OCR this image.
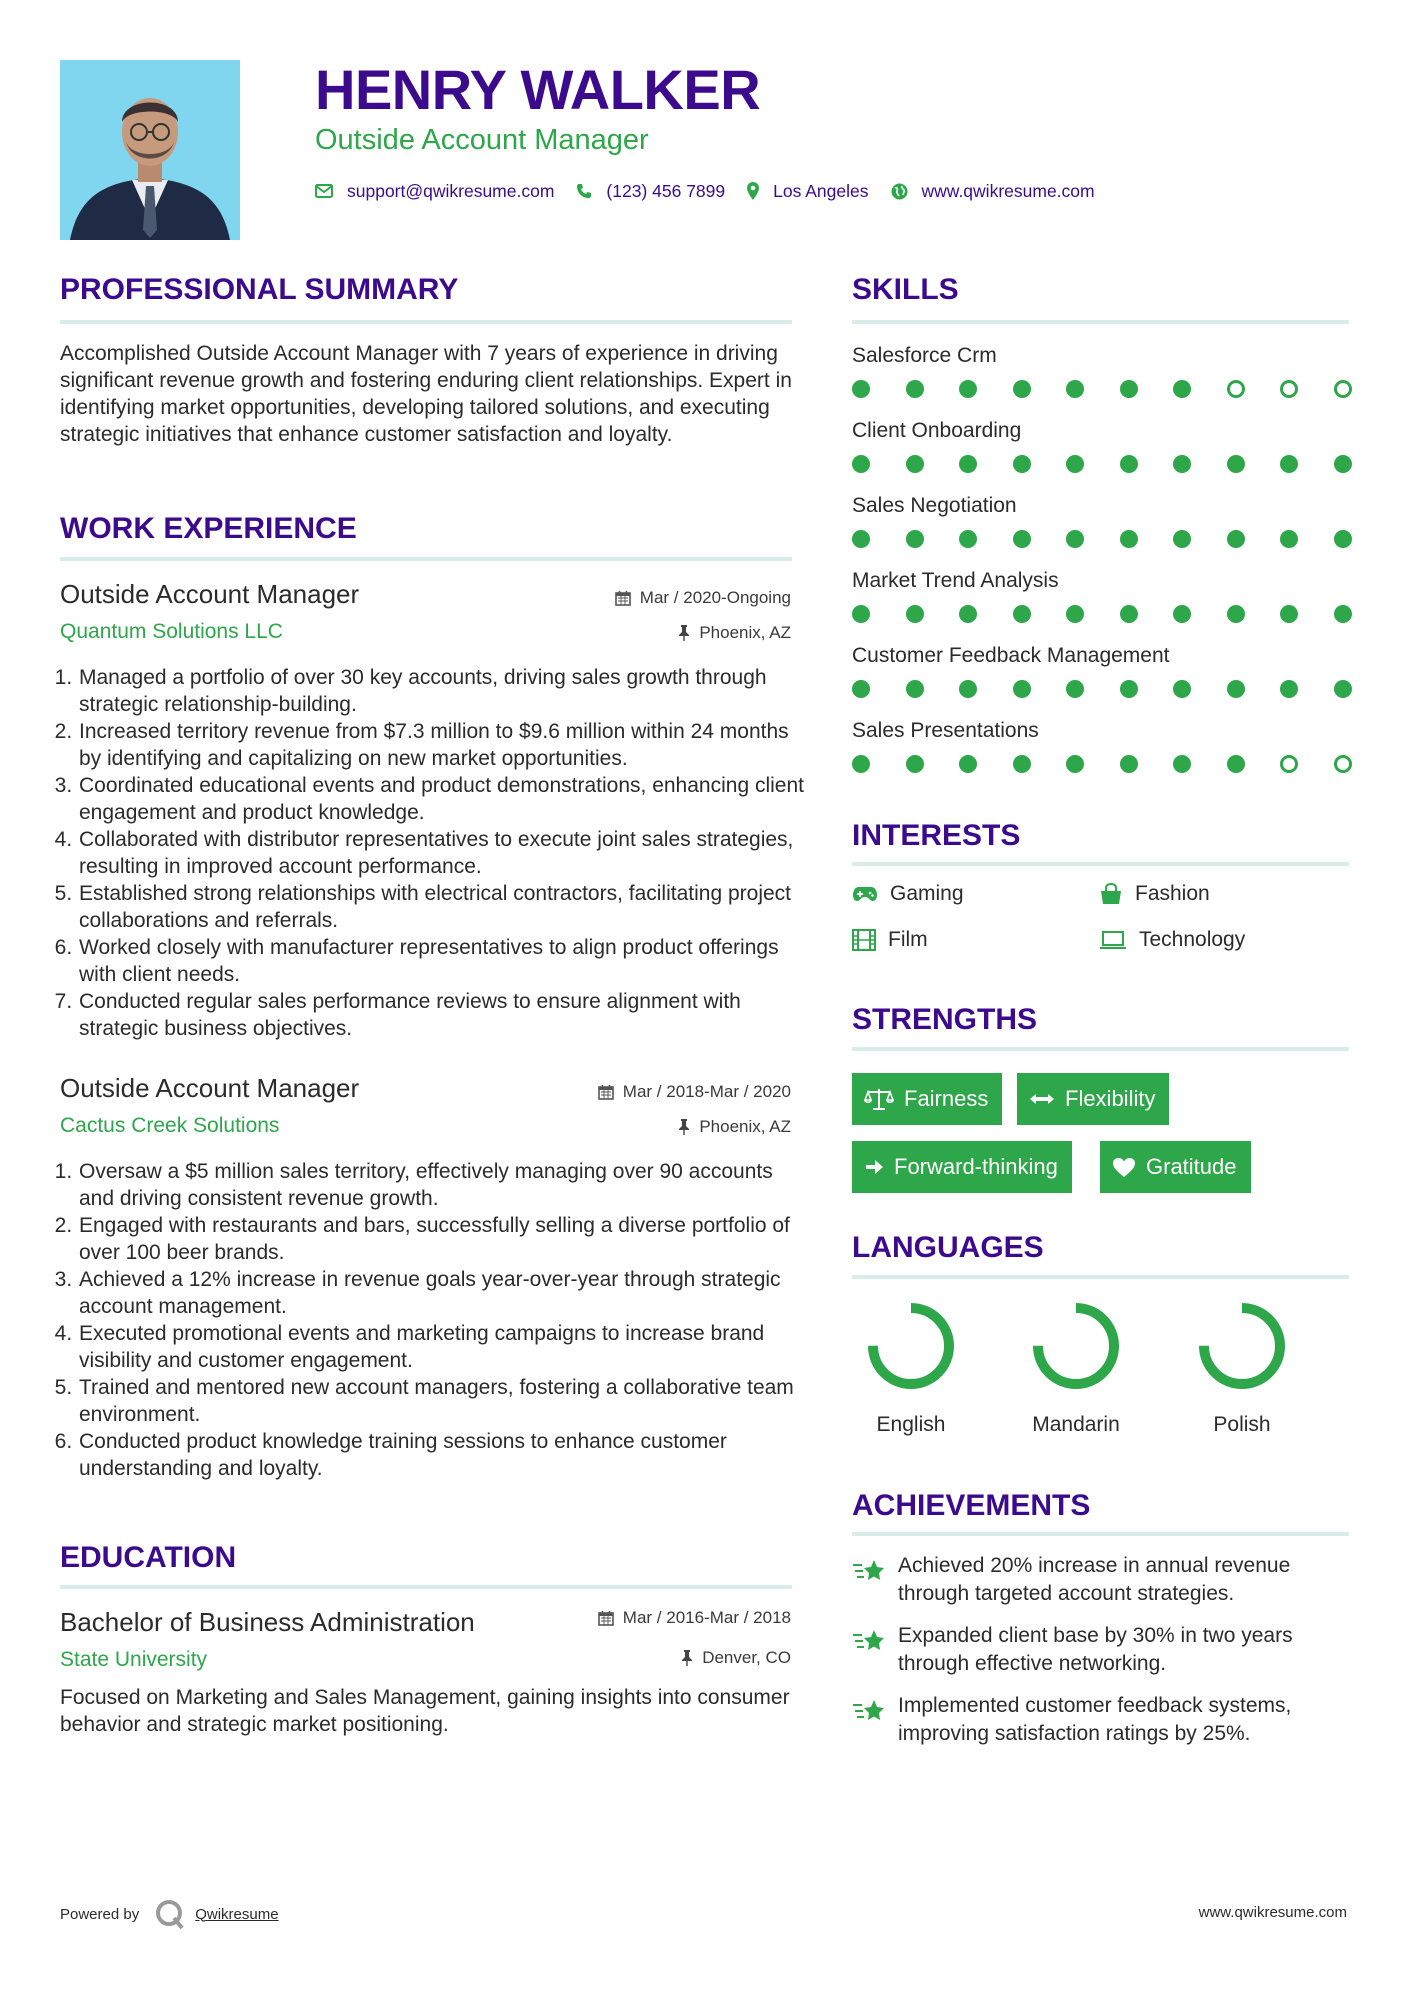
HENRY WALKER
Outside Account Manager
support@qwikresume.com	(123) 456 7899	Los Angeles	www.qwikresume.com
PROFESSIONAL SUMMARY
Accomplished Outside Account Manager with 7 years of experience in driving significant revenue growth and fostering enduring client relationships. Expert in identifying market opportunities, developing tailored solutions, and executing strategic initiatives that enhance customer satisfaction and loyalty.
WORK EXPERIENCE
Outside Account Manager	Mar / 2020-Ongoing
Quantum Solutions LLC	Phoenix, AZ
1. Managed a portfolio of over 30 key accounts, driving sales growth through strategic relationship-building.
2. Increased territory revenue from $7.3 million to $9.6 million within 24 months by identifying and capitalizing on new market opportunities.
3. Coordinated educational events and product demonstrations, enhancing client engagement and product knowledge.
4. Collaborated with distributor representatives to execute joint sales strategies, resulting in improved account performance.
5. Established strong relationships with electrical contractors, facilitating project collaborations and referrals.
6. Worked closely with manufacturer representatives to align product offerings with client needs.
7. Conducted regular sales performance reviews to ensure alignment with strategic business objectives.
Outside Account Manager	Mar / 2018-Mar / 2020
Cactus Creek Solutions	Phoenix, AZ
1. Oversaw a $5 million sales territory, effectively managing over 90 accounts and driving consistent revenue growth.
2. Engaged with restaurants and bars, successfully selling a diverse portfolio of over 100 beer brands.
3. Achieved a 12% increase in revenue goals year-over-year through strategic account management.
4. Executed promotional events and marketing campaigns to increase brand visibility and customer engagement.
5. Trained and mentored new account managers, fostering a collaborative team environment.
6. Conducted product knowledge training sessions to enhance customer understanding and loyalty.
EDUCATION
Bachelor of Business Administration	Mar / 2016-Mar / 2018
State University	Denver, CO
Focused on Marketing and Sales Management, gaining insights into consumer behavior and strategic market positioning.
SKILLS
Salesforce Crm
Client Onboarding
Sales Negotiation
Market Trend Analysis
Customer Feedback Management
Sales Presentations
INTERESTS
Gaming	Fashion
Film	Technology
STRENGTHS
Fairness	Flexibility
Forward-thinking	Gratitude
LANGUAGES
English	Mandarin	Polish
ACHIEVEMENTS
Achieved 20% increase in annual revenue through targeted account strategies.
Expanded client base by 30% in two years through effective networking.
Implemented customer feedback systems, improving satisfaction ratings by 25%.
Powered by	Qwikresume	www.qwikresume.com
